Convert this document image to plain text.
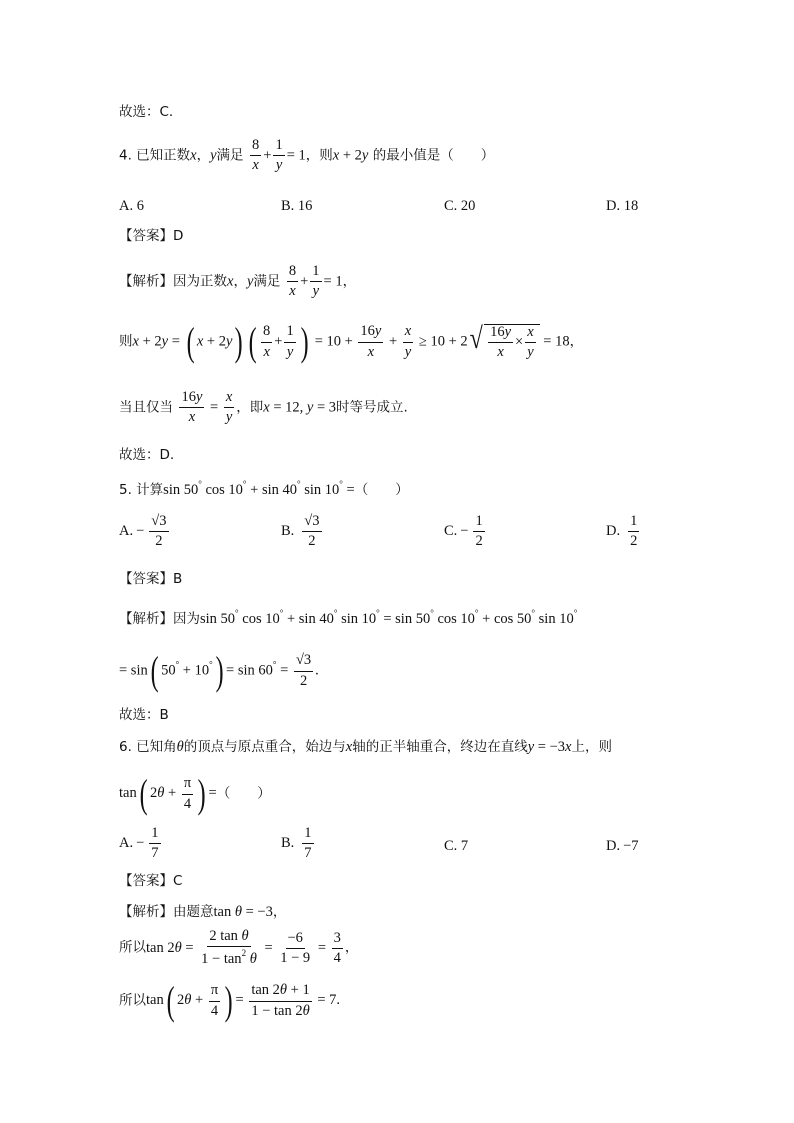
故选：C.
4. 已知正数x，y满足 $\frac{8}{x} + \frac{1}{y} = 1$，则x + 2y 的最小值是（　　）
A. 6	B. 16	C. 20	D. 18
【答案】D
【解析】因为正数x，y满足 $\frac{8}{x} + \frac{1}{y} = 1$，
则x + 2y = ( x + 2y) ( $\frac{8}{x} + \frac{1}{y}$ ) = $10 + \frac{16y}{x} + \frac{x}{y} \ge 10 + 2$ √ $\frac{16y}{x} \times \frac{x}{y} = 18$，
当且仅当 $\frac{16y}{x} = \frac{x}{y}$ ，即x = 12, y = 3时等号成立.
故选：D.
5. 计算sin 50° cos 10° + sin 40° sin 10° =（　　）
A. − $\frac{√3}{2}$	B. $\frac{√3}{2}$	C. − $\frac{1}{2}$	D. $\frac{1}{2}$
【答案】B
【解析】因为sin 50° cos 10° + sin 40° sin 10° = sin 50° cos 10° + cos 50° sin 10°
= sin( $50^\circ + 10^\circ) = \sin 60^\circ = \frac{√3}{2}$ .
故选：B
6. 已知角θ的顶点与原点重合，始边与x轴的正半轴重合，终边在直线y = −3x上，则
tan( $2\theta + \frac{\pi}{4}$ ) =（　　）
A. − $\frac{1}{7}$	B. $\frac{1}{7}$	C. 7	D. −7
【答案】C
【解析】由题意tan θ = −3，
所以$\tan 2\theta = \frac{\text{2 tan θ}}{1 - \tan^2 \theta} = \frac{-6}{1 - 9} = \frac{3}{4}$ ，
所以tan( $2\theta + \frac{\pi}{4}$ ) = $\frac{\tan 2\theta + 1}{1 - \tan 2\theta} = 7$.
